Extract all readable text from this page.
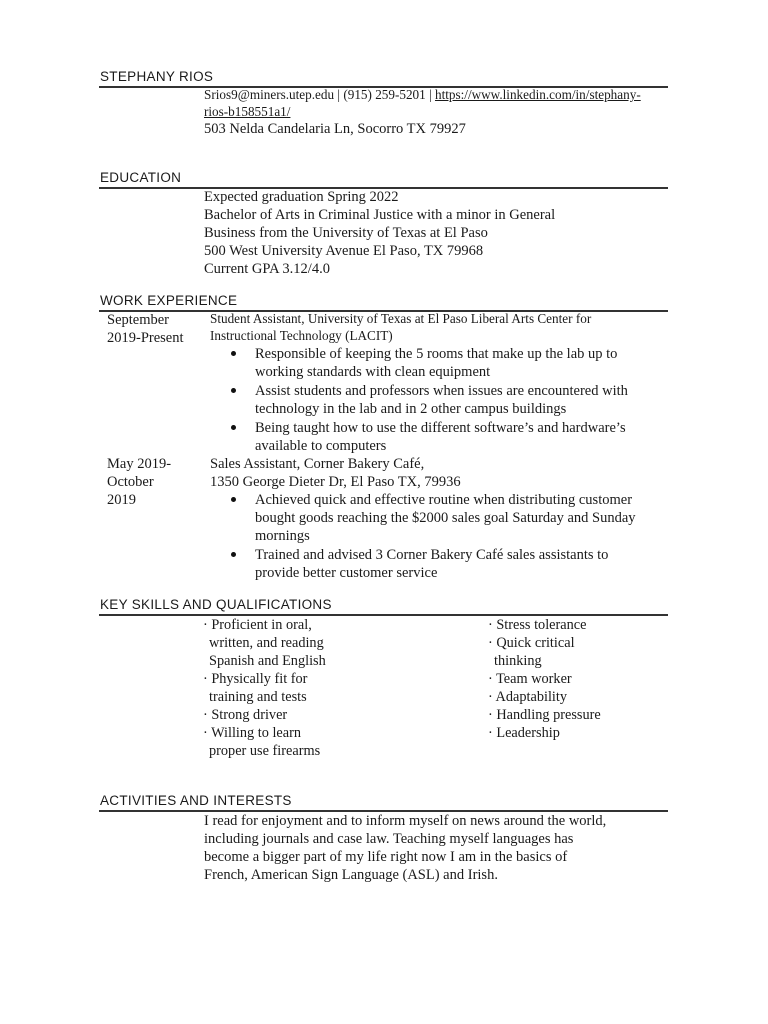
STEPHANY RIOS
Srios9@miners.utep.edu | (915) 259-5201 | https://www.linkedin.com/in/stephany-
rios-b158551a1/
503 Nelda Candelaria Ln, Socorro TX 79927
EDUCATION
Expected graduation Spring 2022
Bachelor of Arts in Criminal Justice with a minor in General
Business from the University of Texas at El Paso
500 West University Avenue El Paso, TX 79968
Current GPA 3.12/4.0
WORK EXPERIENCE
September
2019-Present
Student Assistant, University of Texas at El Paso Liberal Arts Center for
Instructional Technology (LACIT)
Responsible of keeping the 5 rooms that make up the lab up to
working standards with clean equipment
Assist students and professors when issues are encountered with
technology in the lab and in 2 other campus buildings
Being taught how to use the different software’s and hardware’s
available to computers
May 2019-
October
2019
Sales Assistant, Corner Bakery Café,
1350 George Dieter Dr, El Paso TX, 79936
Achieved quick and effective routine when distributing customer
bought goods reaching the $2000 sales goal Saturday and Sunday
mornings
Trained and advised 3 Corner Bakery Café sales assistants to
provide better customer service
KEY SKILLS AND QUALIFICATIONS
· Proficient in oral,
written, and reading
Spanish and English
· Physically fit for
training and tests
· Strong driver
· Willing to learn
proper use firearms
· Stress tolerance
· Quick critical
thinking
· Team worker
· Adaptability
· Handling pressure
· Leadership
ACTIVITIES AND INTERESTS
I read for enjoyment and to inform myself on news around the world,
including journals and case law. Teaching myself languages has
become a bigger part of my life right now I am in the basics of
French, American Sign Language (ASL) and Irish.
